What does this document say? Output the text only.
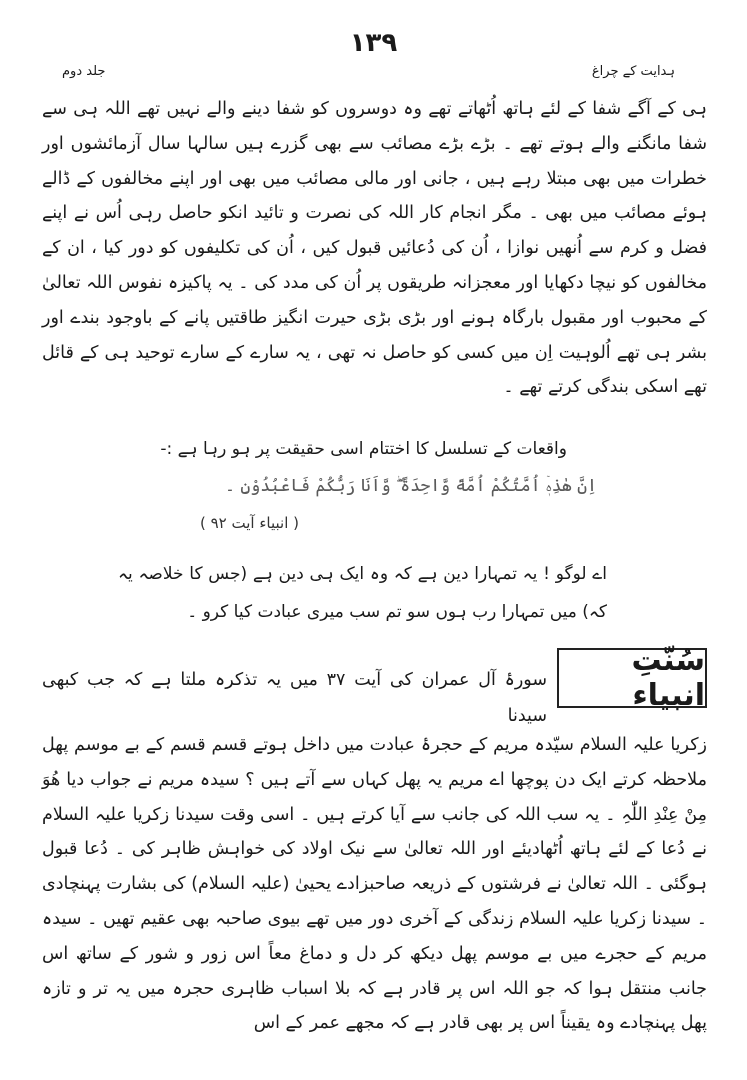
۱۳۹
ہدایت کے چراغ
جلد دوم
ہی کے آگے شفا کے لئے ہاتھ اُٹھاتے تھے وہ دوسروں کو شفا دینے والے نہیں تھے اللہ ہی سے شفا مانگنے والے ہوتے تھے ۔ بڑے بڑے مصائب سے بھی گزرے ہیں سالہا سال آزمائشوں اور خطرات میں بھی مبتلا رہے ہیں ، جانی اور مالی مصائب میں بھی اور اپنے مخالفوں کے ڈالے ہوئے مصائب میں بھی ۔ مگر انجام کار اللہ کی نصرت و تائید انکو حاصل رہی اُس نے اپنے فضل و کرم سے اُنھیں نوازا ، اُن کی دُعائیں قبول کیں ، اُن کی تکلیفوں کو دور کیا ، ان کے مخالفوں کو نیچا دکھایا اور معجزانہ طریقوں پر اُن کی مدد کی ۔ یہ پاکیزہ نفوس اللہ تعالیٰ کے محبوب اور مقبول بارگاہ ہونے اور بڑی بڑی حیرت انگیز طاقتیں پانے کے باوجود بندے اور بشر ہی تھے اُلوہیت اِن میں کسی کو حاصل نہ تھی ، یہ سارے کے سارے توحید ہی کے قائل تھے اسکی بندگی کرتے تھے ۔
واقعات کے تسلسل کا اختتام اسی حقیقت پر ہو رہا ہے :-
اِنَّ هٰذِهٖۤ اُمَّتُكُمْ اُمَّةً وَّاحِدَةً ۖ وَّاَنَا رَبُّكُمْ فَاعْبُدُوْنِ ۔
( انبیاء آیت ۹۲ )
اے لوگو ! یہ تمہارا دین ہے کہ وہ ایک ہی دین ہے (جس کا خلاصہ یہ کہ) میں تمہارا رب ہوں سو تم سب میری عبادت کیا کرو ۔
سُنّتِ انبیاء
سورۂ آل عمران کی آیت ۳۷ میں یہ تذکرہ ملتا ہے کہ جب کبھی سیدنا
زکریا علیہ السلام سیّدہ مریم کے حجرۂ عبادت میں داخل ہوتے قسم قسم کے بے موسم پھل ملاحظہ کرتے ایک دن پوچھا اے مریم یہ پھل کہاں سے آتے ہیں ؟ سیدہ مریم نے جواب دیا ھُوَ مِنْ عِنْدِ اللّٰہِ ۔ یہ سب اللہ کی جانب سے آیا کرتے ہیں ۔ اسی وقت سیدنا زکریا علیہ السلام نے دُعا کے لئے ہاتھ اُٹھادیئے اور اللہ تعالیٰ سے نیک اولاد کی خواہش ظاہر کی ۔ دُعا قبول ہوگئی ۔ اللہ تعالیٰ نے فرشتوں کے ذریعہ صاحبزادے یحییٰ (علیہ السلام) کی بشارت پہنچادی ۔ سیدنا زکریا علیہ السلام زندگی کے آخری دور میں تھے بیوی صاحبہ بھی عقیم تھیں ۔ سیدہ مریم کے حجرے میں بے موسم پھل دیکھ کر دل و دماغ معاً اس زور و شور کے ساتھ اس جانب منتقل ہوا کہ جو اللہ اس پر قادر ہے کہ بلا اسباب ظاہری حجرہ میں یہ تر و تازہ پھل پہنچادے وہ یقیناً اس پر بھی قادر ہے کہ مجھے عمر کے اس
